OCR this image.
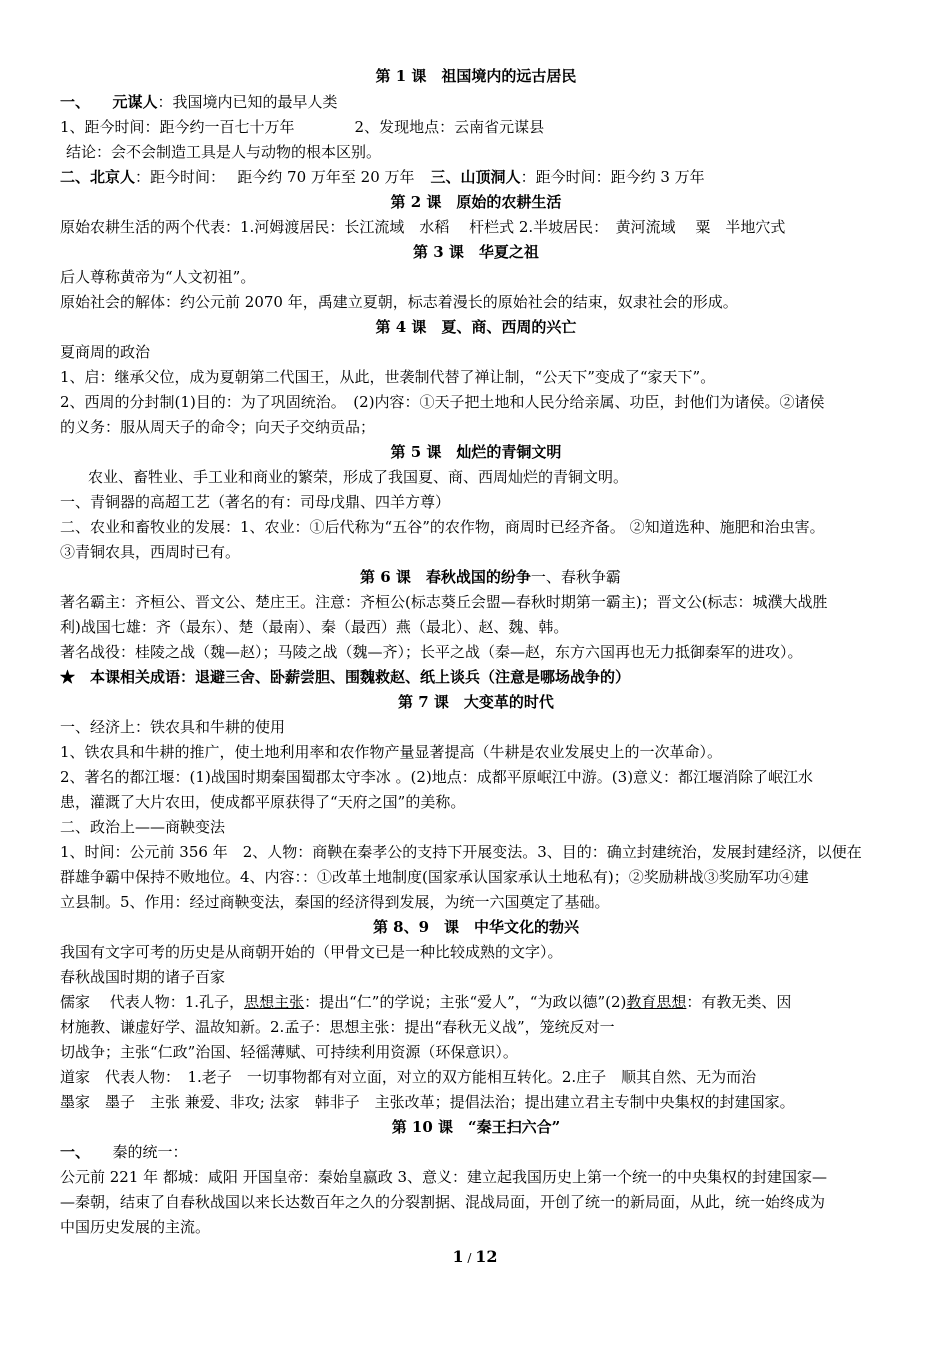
第 1 课　祖国境内的远古居民
一、　　元谋人：我国境内已知的最早人类
1、距今时间：距今约一百七十万年	2、发现地点：云南省元谋县
结论：会不会制造工具是人与动物的根本区别。
二、北京人：距今时间：　 距今约 70 万年至 20 万年 三、山顶洞人：距今时间：距今约 3 万年
第 2 课　原始的农耕生活
原始农耕生活的两个代表：1.河姆渡居民：长江流域　水稻　 杆栏式 2.半坡居民：　黄河流域　 粟　半地穴式
第 3 课　华夏之祖
后人尊称黄帝为“人文初祖”。
原始社会的解体：约公元前 2070 年，禹建立夏朝，标志着漫长的原始社会的结束，奴隶社会的形成。
第 4 课　夏、商、西周的兴亡
夏商周的政治
1、启：继承父位，成为夏朝第二代国王，从此，世袭制代替了禅让制，“公天下”变成了“家天下”。
2、西周的分封制(1)目的：为了巩固统治。　(2)内容：①天子把土地和人民分给亲属、功臣，封他们为诸侯。②诸侯
的义务：服从周天子的命令；向天子交纳贡品；
第 5 课　灿烂的青铜文明
农业、畜牲业、手工业和商业的繁荣，形成了我国夏、商、西周灿烂的青铜文明。
一、青铜器的高超工艺（著名的有：司母戊鼎、四羊方尊）
二、农业和畜牧业的发展：1、农业：①后代称为“五谷”的农作物，商周时已经齐备。 ②知道选种、施肥和治虫害。
③青铜农具，西周时已有。
第 6 课　春秋战国的纷争一、春秋争霸
著名霸主：齐桓公、晋文公、楚庄王。注意：齐桓公(标志葵丘会盟—春秋时期第一霸主)；晋文公(标志：城濮大战胜
利)战国七雄：齐（最东）、楚（最南）、秦（最西）燕（最北）、赵、魏、韩。
著名战役：桂陵之战（魏—赵）；马陵之战（魏—齐）；长平之战（秦—赵，东方六国再也无力抵御秦军的进攻）。
★　本课相关成语：退避三舍、卧薪尝胆、围魏救赵、纸上谈兵（注意是哪场战争的）
第 7 课　大变革的时代
一、经济上：铁农具和牛耕的使用
1、铁农具和牛耕的推广，使土地利用率和农作物产量显著提高（牛耕是农业发展史上的一次革命）。
2、著名的都江堰：(1)战国时期秦国蜀郡太守李冰 。(2)地点：成都平原岷江中游。(3)意义：都江堰消除了岷江水
患，灌溉了大片农田，使成都平原获得了“天府之国”的美称。
二、政治上——商鞅变法
1、时间：公元前 356 年　2、人物：商鞅在秦孝公的支持下开展变法。3、目的：确立封建统治，发展封建经济，以便在
群雄争霸中保持不败地位。4、内容：：①改革土地制度(国家承认国家承认土地私有)；②奖励耕战③奖励军功④建
立县制。5、作用：经过商鞅变法，秦国的经济得到发展，为统一六国奠定了基础。
第 8、9　课　中华文化的勃兴
我国有文字可考的历史是从商朝开始的（甲骨文已是一种比较成熟的文字）。
春秋战国时期的诸子百家
儒家　 代表人物：1.孔子，思想主张：提出“仁”的学说；主张“爱人”，“为政以德”(2)教育思想：有教无类、因
材施教、谦虚好学、温故知新。2.孟子：思想主张：提出“春秋无义战”，笼统反对一
切战争；主张“仁政”治国、轻徭薄赋、可持续利用资源（环保意识）。
道家　代表人物：　1.老子　一切事物都有对立面，对立的双方能相互转化。2.庄子　顺其自然、无为而治
墨家　墨子　主张 兼爱、非攻; 法家　韩非子　主张改革；提倡法治；提出建立君主专制中央集权的封建国家。
第 10 课　“秦王扫六合”
一、　　秦的统一：
公元前 221 年 都城：咸阳 开国皇帝：秦始皇嬴政 3、意义：建立起我国历史上第一个统一的中央集权的封建国家—
—秦朝，结束了自春秋战国以来长达数百年之久的分裂割据、混战局面，开创了统一的新局面，从此，统一始终成为
中国历史发展的主流。
1 / 12
